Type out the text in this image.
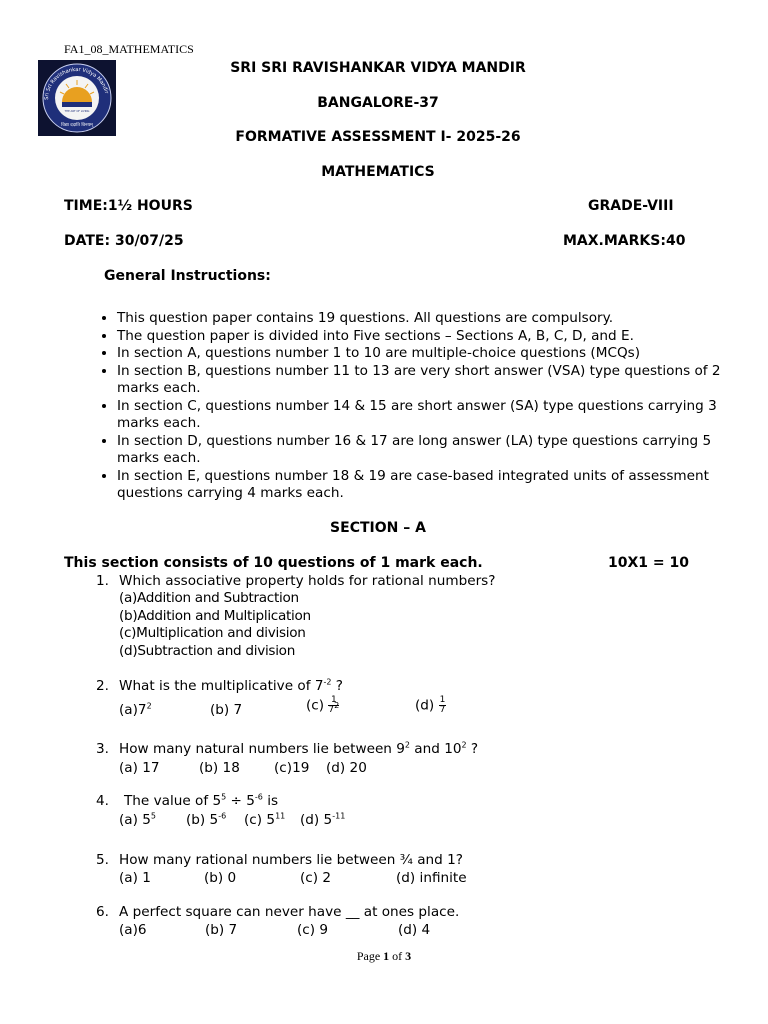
FA1_08_MATHEMATICS
Sri Sri Ravishankar Vidya Mandir
THE ART OF LIVING
विद्या ददाति विनयम्
SRI SRI RAVISHANKAR VIDYA MANDIR
BANGALORE-37
FORMATIVE ASSESSMENT I- 2025-26
MATHEMATICS
TIME:1½ HOURS	GRADE-VIII
DATE: 30/07/25	MAX.MARKS:40
General Instructions:
• This question paper contains 19 questions. All questions are compulsory.
• The question paper is divided into Five sections – Sections A, B, C, D, and E.
• In section A, questions number 1 to 10 are multiple-choice questions (MCQs)
• In section B, questions number 11 to 13 are very short answer (VSA) type questions of 2 marks each.
• In section C, questions number 14 & 15 are short answer (SA) type questions carrying 3 marks each.
• In section D, questions number 16 & 17 are long answer (LA) type questions carrying 5 marks each.
• In section E, questions number 18 & 19 are case-based integrated units of assessment questions carrying 4 marks each.
SECTION – A
This section consists of 10 questions of 1 mark each.	10X1 = 10
1. Which associative property holds for rational numbers?
(a)Addition and Subtraction
(b)Addition and Multiplication
(c)Multiplication and division
(d)Subtraction and division
2. What is the multiplicative of $7^{-2}$ ?
$(a)7^2$	(b) 7	$(c) \frac{1}{7^2}$	$(d) \frac{1}{7}$
3. How many natural numbers lie between $9^2$ and $10^2$ ?
(a) 17	(b) 18	(c)19 (d) 20
4. The value of $5^5 \div 5^{-6}$ is
(a) $5^5$ (b) $5^{-6}$ (c) $5^{11}$ (d) $5^{-11}$
5. How many rational numbers lie between ¾ and 1?
(a) 1	(b) 0	(c) 2	(d) infinite
6. A perfect square can never have __ at ones place.
(a)6	(b) 7	(c) 9	(d) 4
Page 1 of 3
